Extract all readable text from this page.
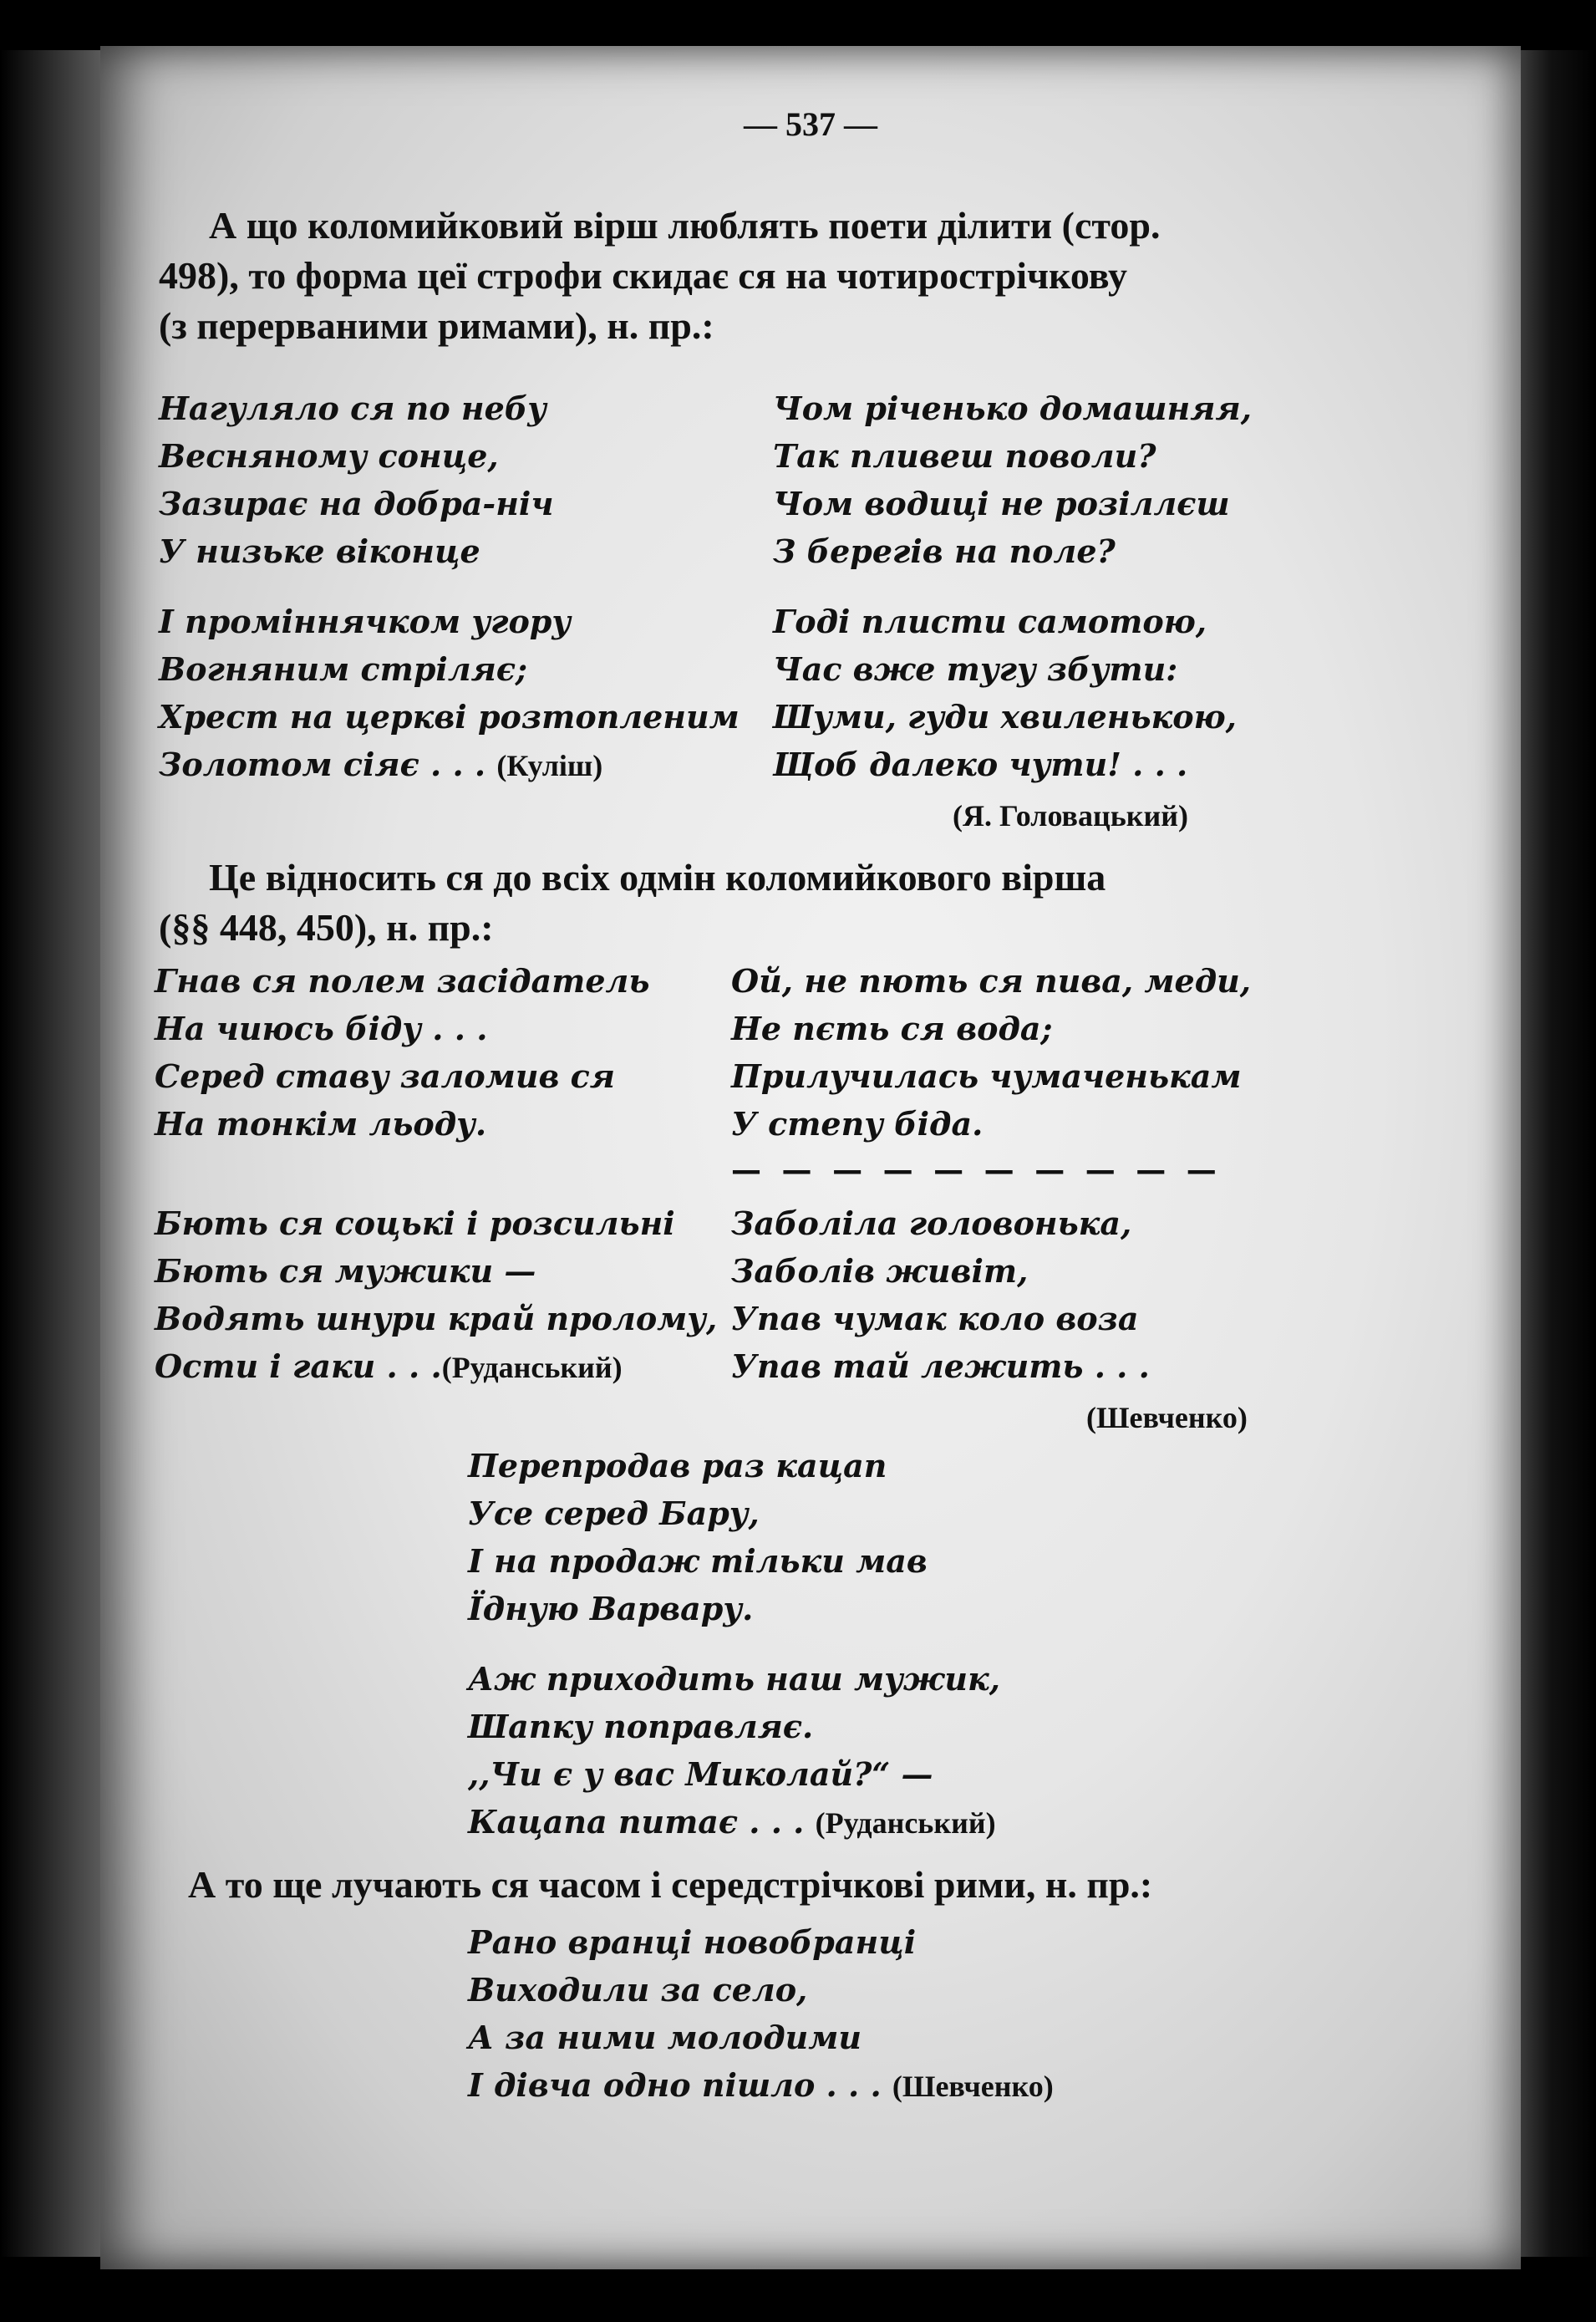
— 537 —
А що коломийковий вірш люблять поети ділити (стор.
498), то форма цеї строфи скидає ся на чотирострічкову
(з перерваними римами), н. пр.:
Нагуляло ся по небу
Весняному сонце,
Зазирає на добра-ніч
У низьке віконце
І проміннячком угору
Вогняним стріляє;
Хрест на церкві розтопленим
Золотом сіяє . . . (Куліш)
Чом річенько домашняя,
Так пливеш поволи?
Чом водиці не розіллєш
З берегів на поле?
Годі плисти самотою,
Час вже тугу збути:
Шуми, гуди хвиленькою,
Щоб далеко чути! . . .
(Я. Головацький)
Це відносить ся до всіх одмін коломийкового вірша
(§§ 448, 450), н. пр.:
Гнав ся полем засідатель
На чиюсь біду . . .
Серед ставу заломив ся
На тонкім льоду.
Бють ся соцькі і розсильні
Бють ся мужики —
Водять шнури край пролому,
Ости і гаки . . .(Руданський)
Ой, не пють ся пива, меди,
Не пєть ся вода;
Прилучилась чумаченькам
У степу біда.
— — — — — — — — — —
Заболіла головонька,
Заболів живіт,
Упав чумак коло воза
Упав тай лежить . . .
(Шевченко)
Перепродав раз кацап
Усе серед Бару,
І на продаж тільки мав
Їдную Варвару.
Аж приходить наш мужик,
Шапку поправляє.
,,Чи є у вас Миколай?“ —
Кацапа питає . . . (Руданський)
А то ще лучають ся часом і середстрічкові рими, н. пр.:
Рано вранці новобранці
Виходили за село,
А за ними молодими
І дівча одно пішло . . . (Шевченко)
